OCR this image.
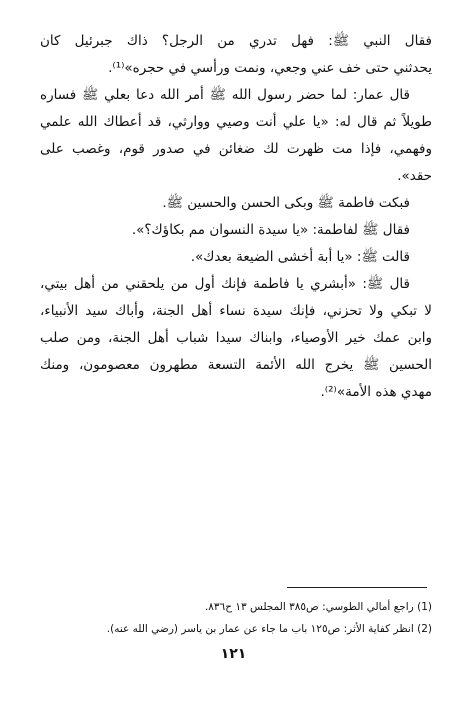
فقال النبي ﷺ: فهل تدري من الرجل؟ ذاك جبرئيل كان
يحدثني حتى خف عني وجعي، ونمت ورأسي في حجره»⁽¹⁾.
قال عمار: لما حضر رسول الله ﷺ أمر الله دعا بعلي ﷺ فساره
طويلاً ثم قال له: «يا علي أنت وصيي ووارثي، قد أعطاك الله علمي
وفهمي، فإذا مت ظهرت لك ضغائن في صدور قوم، وغصب على
حقد».
فبكت فاطمة ﷺ وبكى الحسن والحسين ﷺ.
فقال ﷺ لفاطمة: «يا سيدة النسوان مم بكاؤك؟».
قالت ﷺ: «يا أبة أخشى الضيعة بعدك».
قال ﷺ: «أبشري يا فاطمة فإنك أول من يلحقني من أهل بيتي،
لا تبكي ولا تحزني، فإنك سيدة نساء أهل الجنة، وأباك سيد الأنبياء،
وابن عمك خير الأوصياء، وابناك سيدا شباب أهل الجنة، ومن صلب
الحسين ﷺ يخرج الله الأئمة التسعة مطهرون معصومون، ومنك
مهدي هذه الأمة»⁽²⁾.
(1) راجع أمالي الطوسي: ص٣٨٥ المجلس ١٣ ح٨٣٦.
(2) انظر كفاية الأثر: ص١٢٥ باب ما جاء عن عمار بن ياسر (رضي الله عنه).
١٢١
